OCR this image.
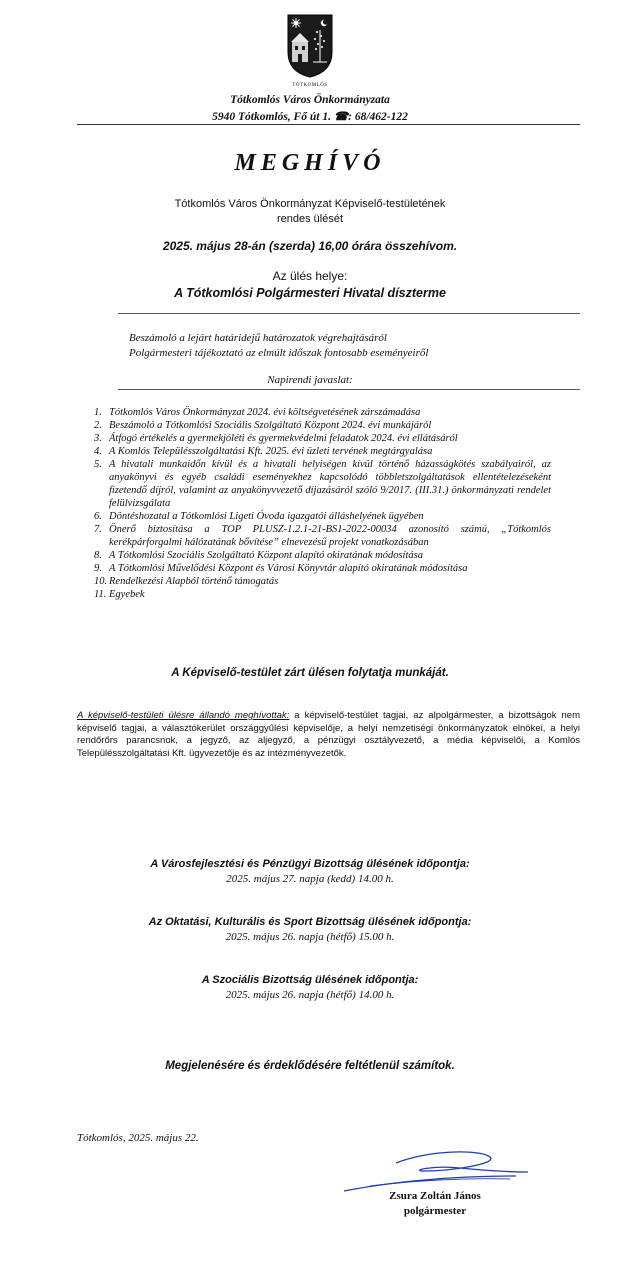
TÓTKOMLÓS
Tótkomlós Város Önkormányzata
5940 Tótkomlós, Fő út 1. ☎: 68/462-122
MEGHÍVÓ
Tótkomlós Város Önkormányzat Képviselő-testületének
rendes ülését
2025. május 28-án (szerda) 16,00 órára összehívom.
Az ülés helye:
A Tótkomlósi Polgármesteri Hivatal díszterme
Beszámoló a lejárt határidejű határozatok végrehajtásáról
Polgármesteri tájékoztató az elmúlt időszak fontosabb eseményeiről
Napirendi javaslat:
1. Tótkomlós Város Önkormányzat 2024. évi költségvetésének zárszámadása
2. Beszámoló a Tótkomlósi Szociális Szolgáltató Központ 2024. évi munkájáról
3. Átfogó értékelés a gyermekjóléti és gyermekvédelmi feladatok 2024. évi ellátásáról
4. A Komlós Településszolgáltatási Kft. 2025. évi üzleti tervének megtárgyalása
5. A hivatali munkaidőn kívül és a hivatali helyiségen kívül történő házasságkötés szabályairól, az anyakönyvi és egyéb családi eseményekhez kapcsolódó többletszolgáltatások ellentételezéseként fizetendő díjról, valamint az anyakönyvvezető díjazásáról szóló 9/2017. (III.31.) önkormányzati rendelet felülvizsgálata
6. Döntéshozatal a Tótkomlósi Ligeti Óvoda igazgatói álláshelyének ügyében
7. Önerő biztosítása a TOP PLUSZ-1.2.1-21-BS1-2022-00034 azonosító számú, „Tótkomlós kerékpárforgalmi hálózatának bővítése” elnevezésű projekt vonatkozásában
8. A Tótkomlósi Szociális Szolgáltató Központ alapító okiratának módosítása
9. A Tótkomlósi Művelődési Központ és Városi Könyvtár alapító okiratának módosítása
10. Rendelkezési Alapból történő támogatás
11. Egyebek
A Képviselő-testület zárt ülésen folytatja munkáját.
A képviselő-testületi ülésre állandó meghívottak: a képviselő-testület tagjai, az alpolgármester, a bizottságok nem képviselő tagjai, a választókerület országgyűlési képviselője, a helyi nemzetiségi önkormányzatok elnökei, a helyi rendőrőrs parancsnok, a jegyző, az aljegyző, a pénzügyi osztályvezető, a média képviselői, a Komlós Településszolgáltatási Kft. ügyvezetője és az intézményvezetők.
A Városfejlesztési és Pénzügyi Bizottság ülésének időpontja:
2025. május 27. napja (kedd) 14.00 h.
Az Oktatási, Kulturális és Sport Bizottság ülésének időpontja:
2025. május 26. napja (hétfő) 15.00 h.
A Szociális Bizottság ülésének időpontja:
2025. május 26. napja (hétfő) 14.00 h.
Megjelenésére és érdeklődésére feltétlenül számítok.
Tótkomlós, 2025. május 22.
Zsura Zoltán János
polgármester
